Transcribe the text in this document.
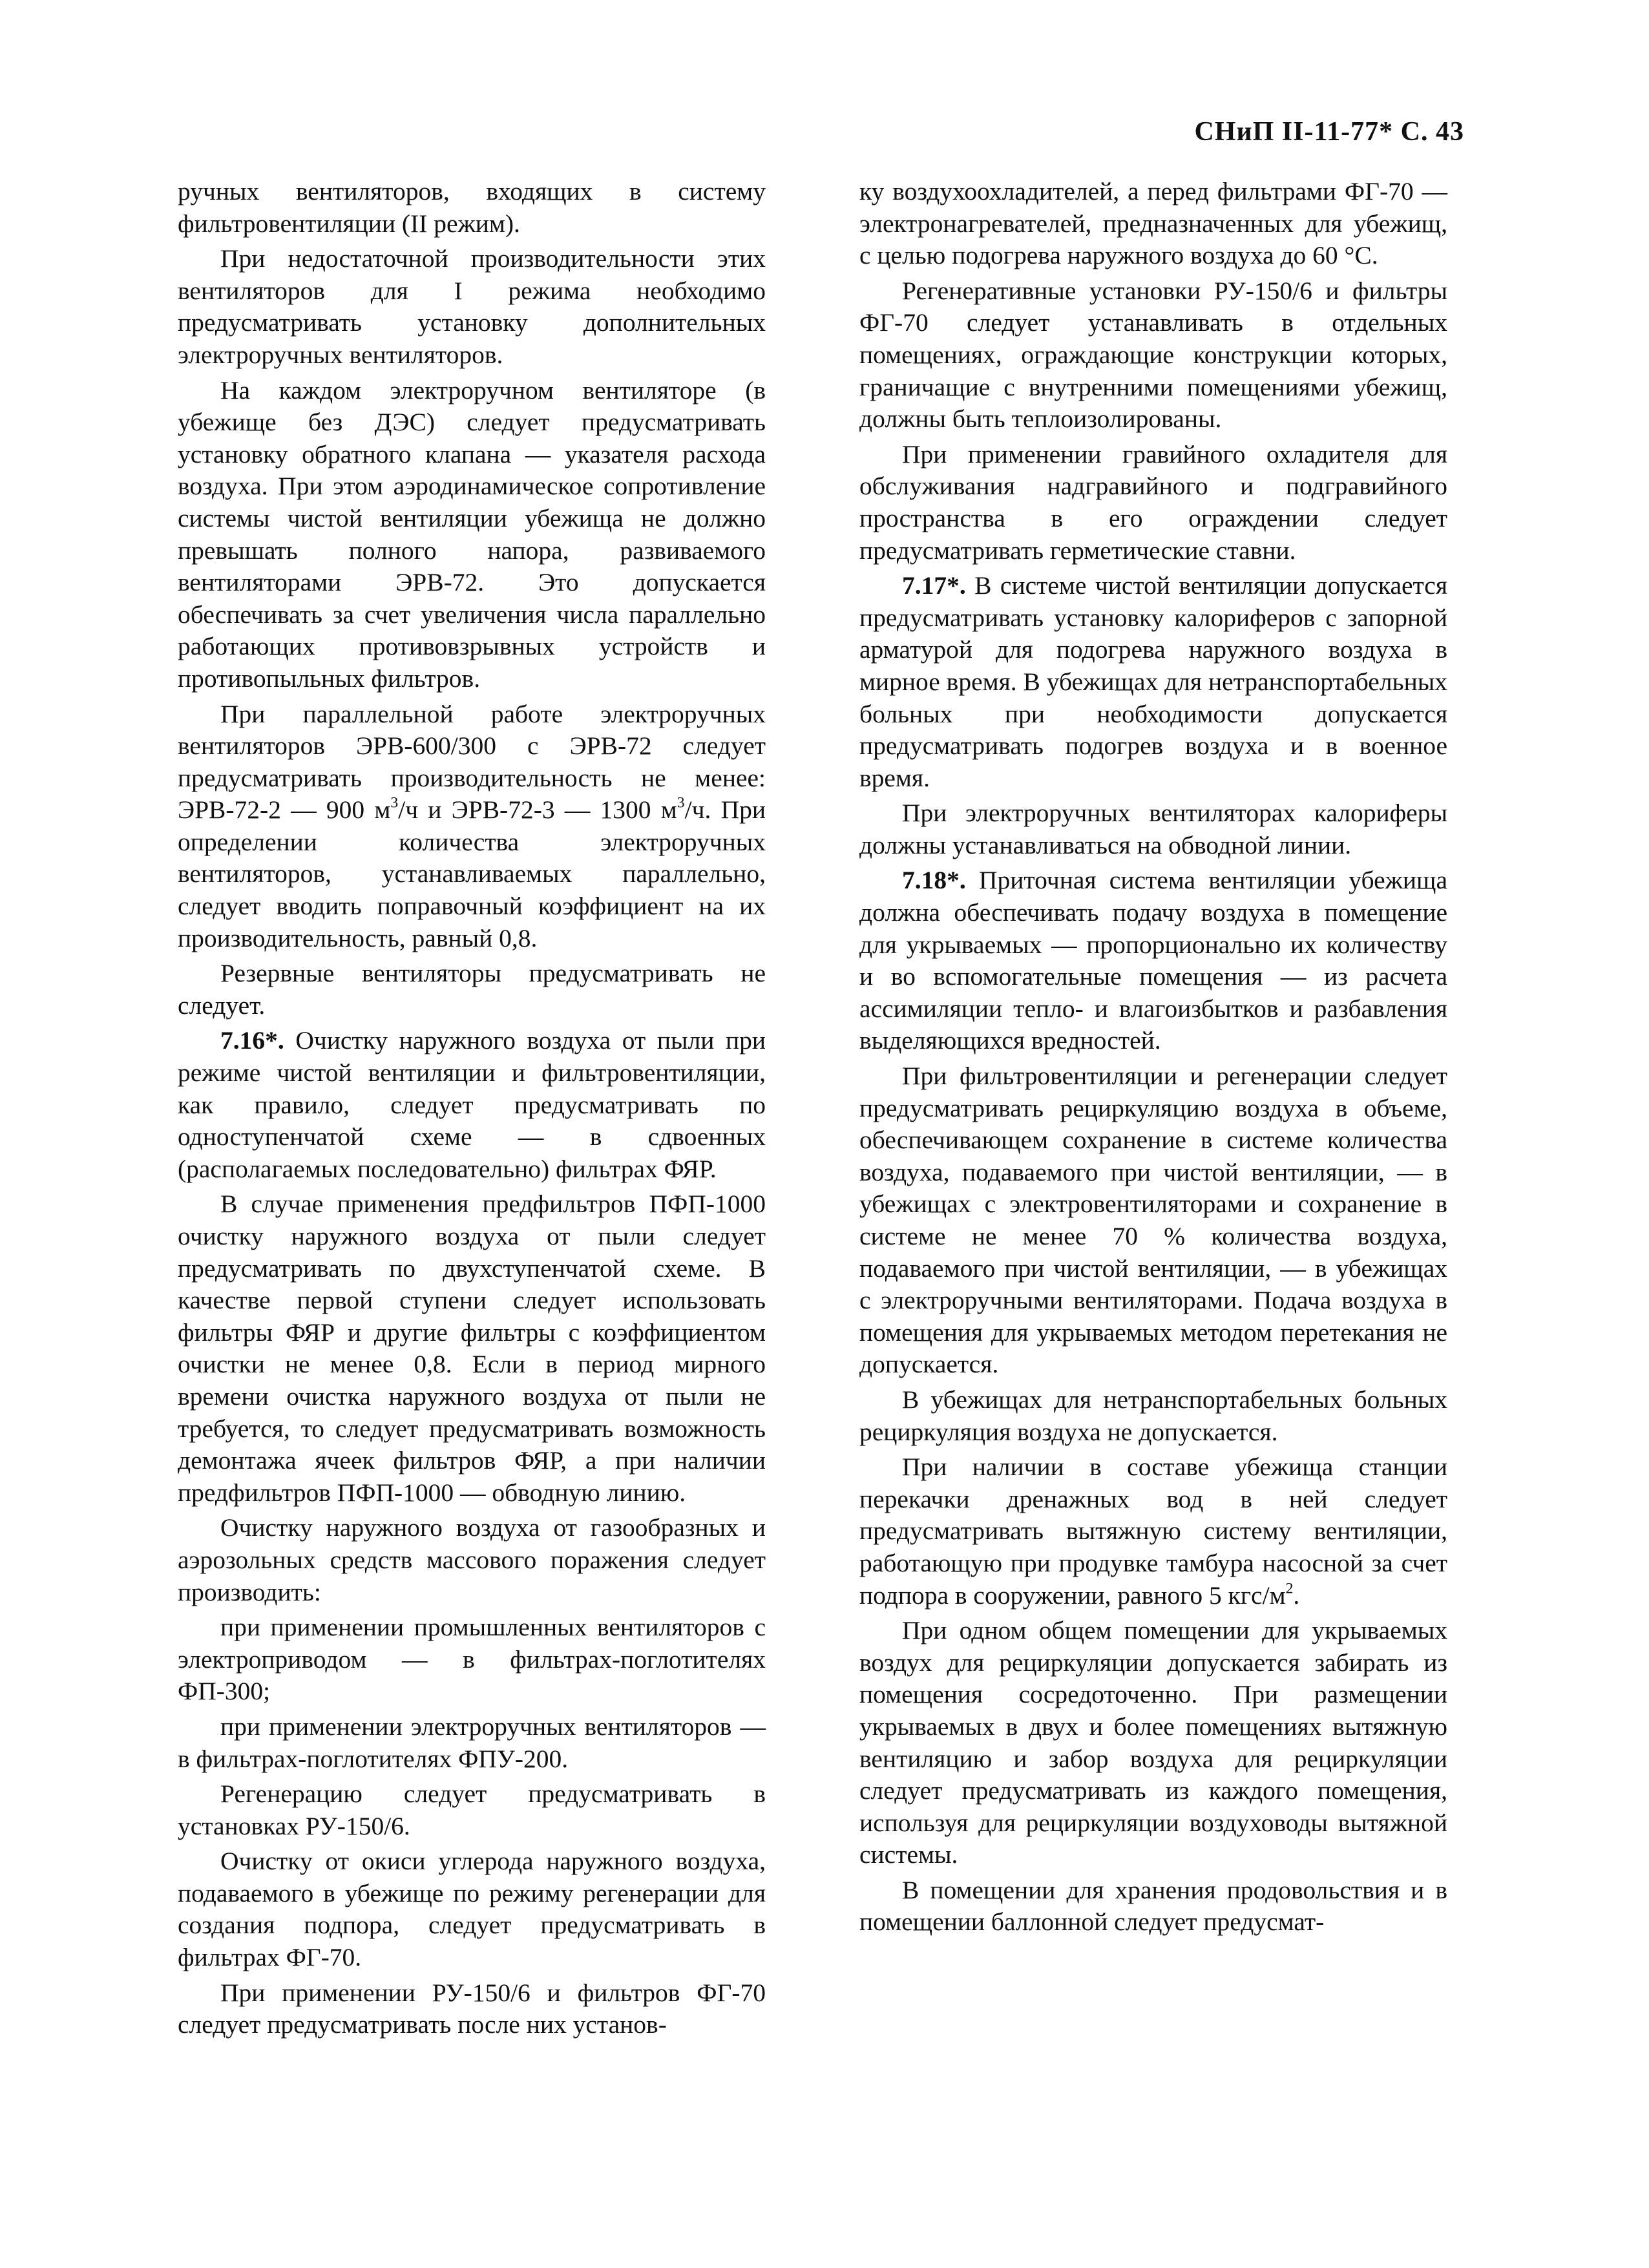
СНиП II-11-77* С. 43

ручных вентиляторов, входящих в систему фильтровентиляции (II режим).

При недостаточной производительности этих вентиляторов для I режима необходимо предусматривать установку дополнительных электроручных вентиляторов.

На каждом электроручном вентиляторе (в убежище без ДЭС) следует предусматривать установку обратного клапана — указателя расхода воздуха. При этом аэродинамическое сопротивление системы чистой вентиляции убежища не должно превышать полного напора, развиваемого вентиляторами ЭРВ-72. Это допускается обеспечивать за счет увеличения числа параллельно работающих противовзрывных устройств и противопыльных фильтров.

При параллельной работе электроручных вентиляторов ЭРВ-600/300 с ЭРВ-72 следует предусматривать производительность не менее: ЭРВ-72-2 — 900 $м^3/ч$ и ЭРВ-72-3 — 1300 $м^3/ч$. При определении количества электроручных вентиляторов, устанавливаемых параллельно, следует вводить поправочный коэффициент на их производительность, равный 0,8.

Резервные вентиляторы предусматривать не следует.

7.16*. Очистку наружного воздуха от пыли при режиме чистой вентиляции и фильтровентиляции, как правило, следует предусматривать по одноступенчатой схеме — в сдвоенных (располагаемых последовательно) фильтрах ФЯР.

В случае применения предфильтров ПФП-1000 очистку наружного воздуха от пыли следует предусматривать по двухступенчатой схеме. В качестве первой ступени следует использовать фильтры ФЯР и другие фильтры с коэффициентом очистки не менее 0,8. Если в период мирного времени очистка наружного воздуха от пыли не требуется, то следует предусматривать возможность демонтажа ячеек фильтров ФЯР, а при наличии предфильтров ПФП-1000 — обводную линию.

Очистку наружного воздуха от газообразных и аэрозольных средств массового поражения следует производить:

при применении промышленных вентиляторов с электроприводом — в фильтрах-поглотителях ФП-300;

при применении электроручных вентиляторов — в фильтрах-поглотителях ФПУ-200.

Регенерацию следует предусматривать в установках РУ-150/6.

Очистку от окиси углерода наружного воздуха, подаваемого в убежище по режиму регенерации для создания подпора, следует предусматривать в фильтрах ФГ-70.

При применении РУ-150/6 и фильтров ФГ-70 следует предусматривать после них установ-

ку воздухоохладителей, а перед фильтрами ФГ-70 — электронагревателей, предназначенных для убежищ, с целью подогрева наружного воздуха до 60 °С.

Регенеративные установки РУ-150/6 и фильтры ФГ-70 следует устанавливать в отдельных помещениях, ограждающие конструкции которых, граничащие с внутренними помещениями убежищ, должны быть теплоизолированы.

При применении гравийного охладителя для обслуживания надгравийного и подгравийного пространства в его ограждении следует предусматривать герметические ставни.

7.17*. В системе чистой вентиляции допускается предусматривать установку калориферов с запорной арматурой для подогрева наружного воздуха в мирное время. В убежищах для нетранспортабельных больных при необходимости допускается предусматривать подогрев воздуха и в военное время.

При электроручных вентиляторах калориферы должны устанавливаться на обводной линии.

7.18*. Приточная система вентиляции убежища должна обеспечивать подачу воздуха в помещение для укрываемых — пропорционально их количеству и во вспомогательные помещения — из расчета ассимиляции тепло- и влагоизбытков и разбавления выделяющихся вредностей.

При фильтровентиляции и регенерации следует предусматривать рециркуляцию воздуха в объеме, обеспечивающем сохранение в системе количества воздуха, подаваемого при чистой вентиляции, — в убежищах с электровентиляторами и сохранение в системе не менее 70 % количества воздуха, подаваемого при чистой вентиляции, — в убежищах с электроручными вентиляторами. Подача воздуха в помещения для укрываемых методом перетекания не допускается.

В убежищах для нетранспортабельных больных рециркуляция воздуха не допускается.

При наличии в составе убежища станции перекачки дренажных вод в ней следует предусматривать вытяжную систему вентиляции, работающую при продувке тамбура насосной за счет подпора в сооружении, равного 5 кгс/$м^2$.

При одном общем помещении для укрываемых воздух для рециркуляции допускается забирать из помещения сосредоточенно. При размещении укрываемых в двух и более помещениях вытяжную вентиляцию и забор воздуха для рециркуляции следует предусматривать из каждого помещения, используя для рециркуляции воздуховоды вытяжной системы.

В помещении для хранения продовольствия и в помещении баллонной следует предусмат-
